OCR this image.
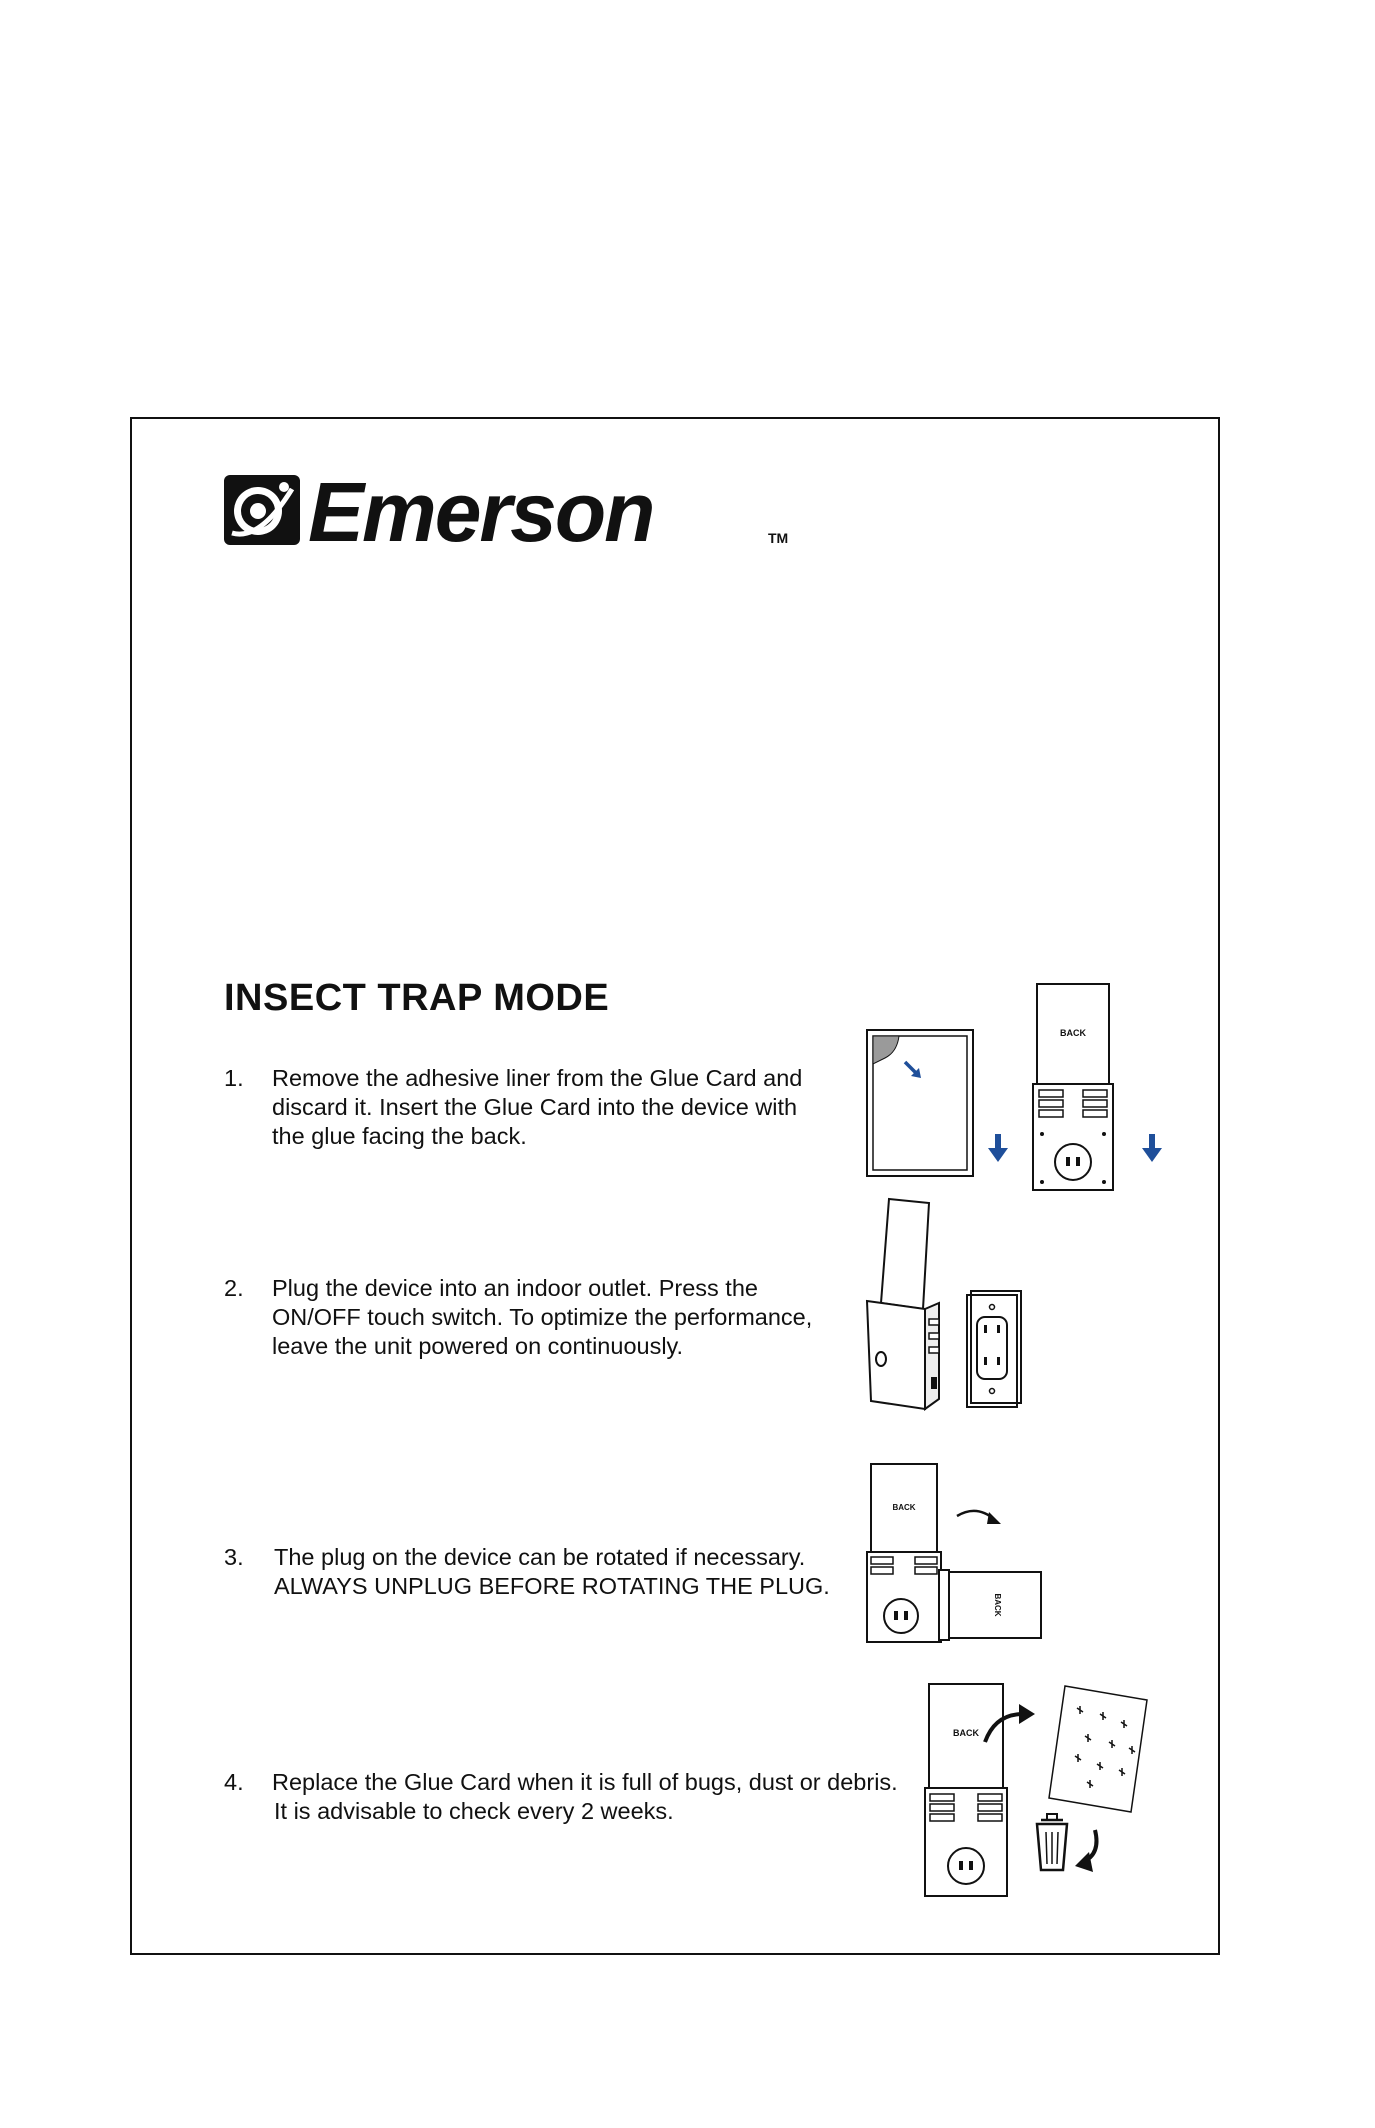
Emerson	TM
INSECT TRAP MODE
1.	Remove the adhesive liner from the Glue Card and
discard it. Insert the Glue Card into the device with
the glue facing the back.
2.	Plug the device into an indoor outlet. Press the
ON/OFF touch switch. To optimize the performance,
leave the unit powered on continuously.
3.	The plug on the device can be rotated if necessary.
ALWAYS UNPLUG BEFORE ROTATING THE PLUG.
4.	Replace the Glue Card when it is full of bugs, dust or debris.
It is advisable to check every 2 weeks.
BACK
BACK
BACK
BACK
